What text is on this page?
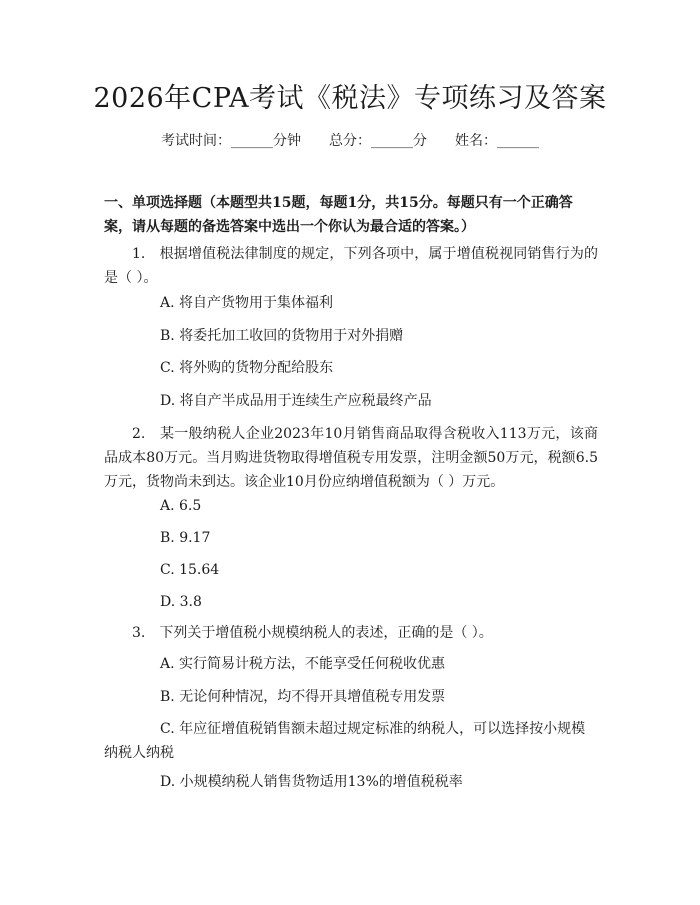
2026年CPA考试《税法》专项练习及答案
考试时间：______分钟 总分：______分 姓名：______
一、单项选择题（本题型共15题，每题1分，共15分。每题只有一个正确答案，请从每题的备选答案中选出一个你认为最合适的答案。）
1.　根据增值税法律制度的规定，下列各项中，属于增值税视同销售行为的是（ ）。
A. 将自产货物用于集体福利
B. 将委托加工收回的货物用于对外捐赠
C. 将外购的货物分配给股东
D. 将自产半成品用于连续生产应税最终产品
2.　某一般纳税人企业2023年10月销售商品取得含税收入113万元，该商品成本80万元。当月购进货物取得增值税专用发票，注明金额50万元，税额6.5万元，货物尚未到达。该企业10月份应纳增值税额为（ ）万元。
A. 6.5
B. 9.17
C. 15.64
D. 3.8
3.　下列关于增值税小规模纳税人的表述，正确的是（ ）。
A. 实行简易计税方法，不能享受任何税收优惠
B. 无论何种情况，均不得开具增值税专用发票
C. 年应征增值税销售额未超过规定标准的纳税人，可以选择按小规模纳税人纳税
D. 小规模纳税人销售货物适用13%的增值税税率
